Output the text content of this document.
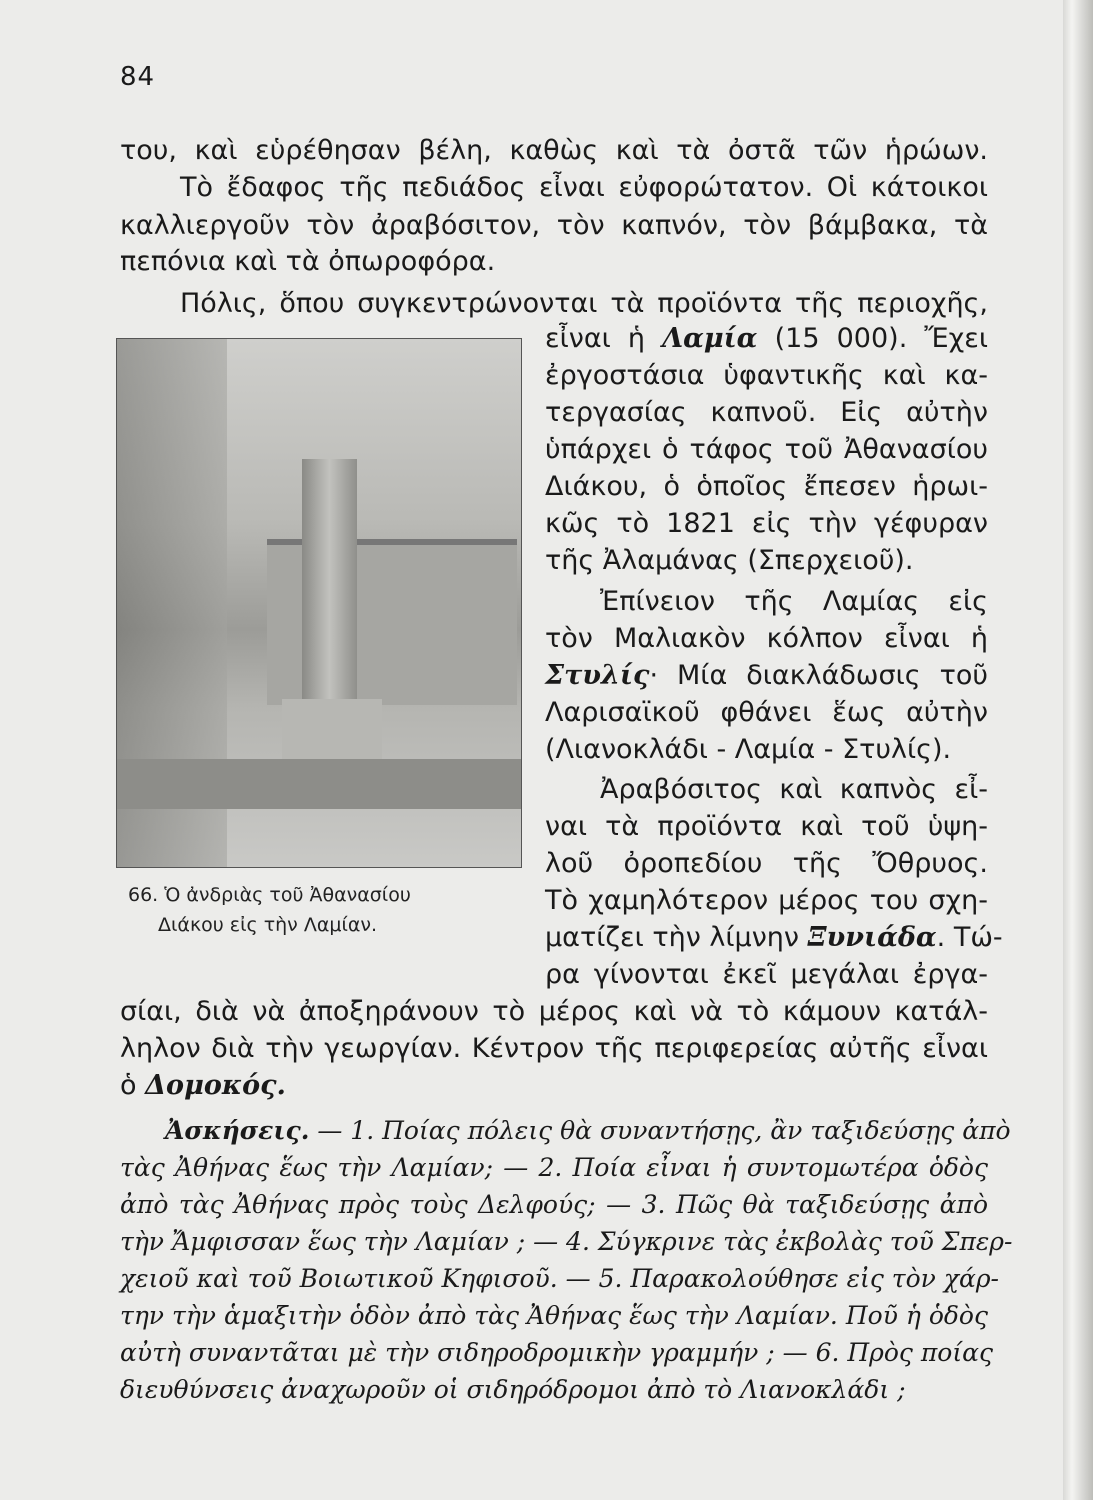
84
του, καὶ εὑρέθησαν βέλη, καθὼς καὶ τὰ ὀστᾶ τῶν ἡρώων.
Τὸ ἔδαφος τῆς πεδιάδος εἶναι εὐφορώτατον. Οἱ κάτοικοι
καλλιεργοῦν τὸν ἀραβόσιτον, τὸν καπνόν, τὸν βάμβακα, τὰ
πεπόνια καὶ τὰ ὀπωροφόρα.
Πόλις, ὅπου συγκεντρώνονται τὰ προϊόντα τῆς περιοχῆς,
εἶναι ἡ Λαμία (15 000). Ἔχει
ἐργοστάσια ὑφαντικῆς καὶ κα-
τεργασίας καπνοῦ. Εἰς αὐτὴν
ὑπάρχει ὁ τάφος τοῦ Ἀθανασίου
Διάκου, ὁ ὁποῖος ἔπεσεν ἡρωι-
κῶς τὸ 1821 εἰς τὴν γέφυραν
τῆς Ἀλαμάνας (Σπερχειοῦ).
Ἐπίνειον τῆς Λαμίας εἰς
τὸν Μαλιακὸν κόλπον εἶναι ἡ
Στυλίς· Μία διακλάδωσις τοῦ
Λαρισαϊκοῦ φθάνει ἕως αὐτὴν
(Λιανοκλάδι - Λαμία - Στυλίς).
Ἀραβόσιτος καὶ καπνὸς εἶ-
ναι τὰ προϊόντα καὶ τοῦ ὑψη-
λοῦ ὀροπεδίου τῆς Ὄθρυος.
Τὸ χαμηλότερον μέρος του σχη-
ματίζει τὴν λίμνην Ξυνιάδα. Τώ-
ρα γίνονται ἐκεῖ μεγάλαι ἐργα-
66. Ὁ ἀνδριὰς τοῦ Ἀθανασίου
Διάκου εἰς τὴν Λαμίαν.
σίαι, διὰ νὰ ἀποξηράνουν τὸ μέρος καὶ νὰ τὸ κάμουν κατάλ-
ληλον διὰ τὴν γεωργίαν. Κέντρον τῆς περιφερείας αὐτῆς εἶναι
ὁ Δομοκός.
Ἀσκήσεις. — 1. Ποίας πόλεις θὰ συναντήσῃς, ἂν ταξιδεύσῃς ἀπὸ
τὰς Ἀθήνας ἕως τὴν Λαμίαν; — 2. Ποία εἶναι ἡ συντομωτέρα ὁδὸς
ἀπὸ τὰς Ἀθήνας πρὸς τοὺς Δελφούς; — 3. Πῶς θὰ ταξιδεύσῃς ἀπὸ
τὴν Ἄμφισσαν ἕως τὴν Λαμίαν ; — 4. Σύγκρινε τὰς ἐκβολὰς τοῦ Σπερ-
χειοῦ καὶ τοῦ Βοιωτικοῦ Κηφισοῦ. — 5. Παρακολούθησε εἰς τὸν χάρ-
την τὴν ἁμαξιτὴν ὁδὸν ἀπὸ τὰς Ἀθήνας ἕως τὴν Λαμίαν. Ποῦ ἡ ὁδὸς
αὐτὴ συναντᾶται μὲ τὴν σιδηροδρομικὴν γραμμήν ; — 6. Πρὸς ποίας
διευθύνσεις ἀναχωροῦν οἱ σιδηρόδρομοι ἀπὸ τὸ Λιανοκλάδι ;
